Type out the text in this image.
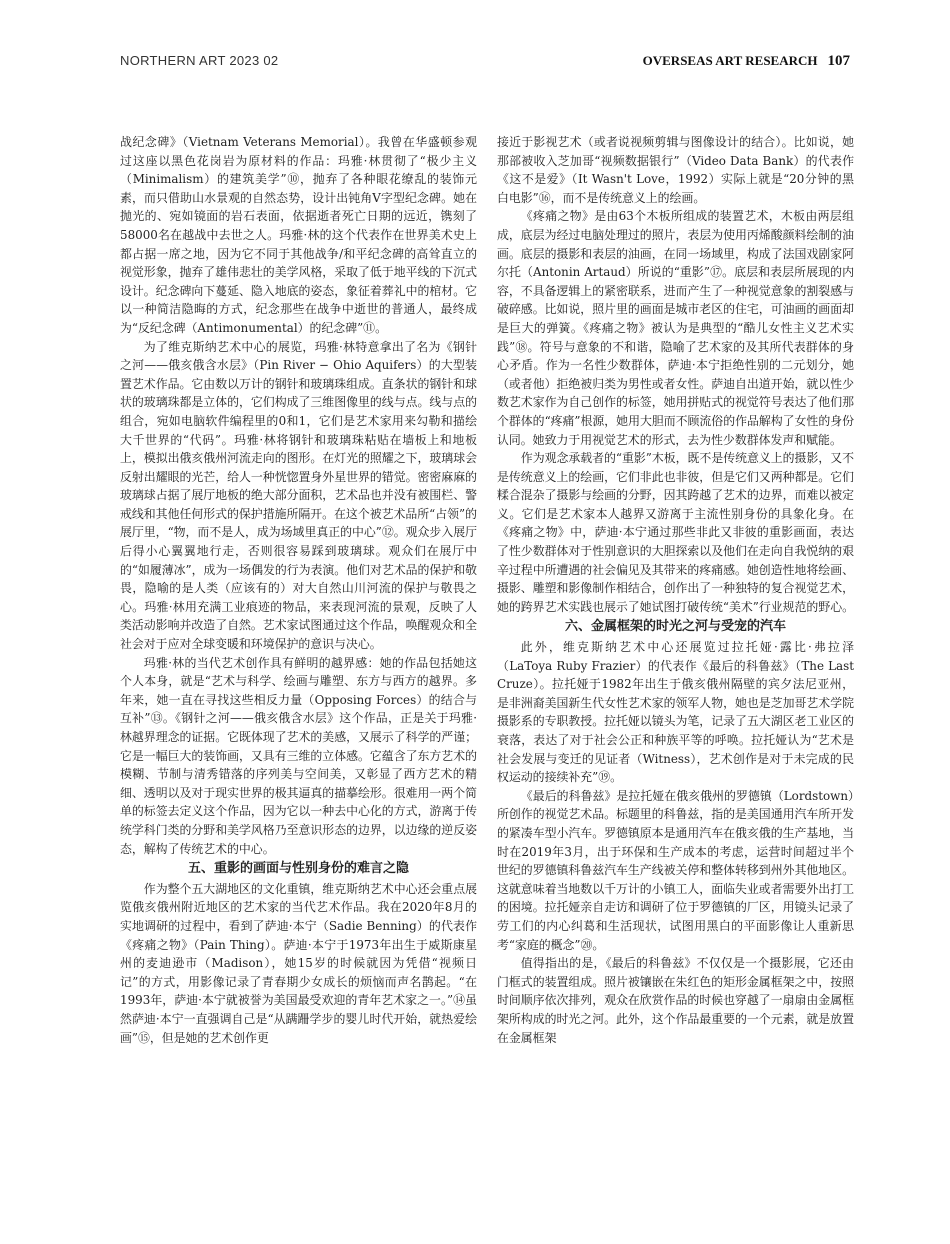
NORTHERN ART 2023 02	OVERSEAS ART RESEARCH 107

战纪念碑》（Vietnam Veterans Memorial）。我曾在华盛顿参观过这座以黑色花岗岩为原材料的作品：玛雅·林贯彻了“极少主义（Minimalism）的建筑美学”⑩，抛弃了各种眼花缭乱的装饰元素，而只借助山水景观的自然态势，设计出钝角V字型纪念碑。她在抛光的、宛如镜面的岩石表面，依据逝者死亡日期的远近，镌刻了58000名在越战中去世之人。玛雅·林的这个代表作在世界美术史上都占据一席之地，因为它不同于其他战争/和平纪念碑的高耸直立的视觉形象，抛弃了雄伟悲壮的美学风格，采取了低于地平线的下沉式设计。纪念碑向下蔓延、隐入地底的姿态，象征着葬礼中的棺材。它以一种简洁隐晦的方式，纪念那些在战争中逝世的普通人，最终成为“反纪念碑（Antimonumental）的纪念碑”⑪。

为了维克斯纳艺术中心的展览，玛雅·林特意拿出了名为《钢针之河——俄亥俄含水层》（Pin River − Ohio Aquifers）的大型装置艺术作品。它由数以万计的钢针和玻璃珠组成。直条状的钢针和球状的玻璃珠都是立体的，它们构成了三维图像里的线与点。线与点的组合，宛如电脑软件编程里的0和1，它们是艺术家用来勾勒和描绘大千世界的“代码”。玛雅·林将钢针和玻璃珠粘贴在墙板上和地板上，模拟出俄亥俄州河流走向的图形。在灯光的照耀之下，玻璃球会反射出耀眼的光芒，给人一种恍惚置身外星世界的错觉。密密麻麻的玻璃球占据了展厅地板的绝大部分面积，艺术品也并没有被围栏、警戒线和其他任何形式的保护措施所隔开。在这个被艺术品所“占领”的展厅里，“物，而不是人，成为场域里真正的中心”⑫。观众步入展厅后得小心翼翼地行走，否则很容易踩到玻璃球。观众们在展厅中的“如履薄冰”，成为一场偶发的行为表演。他们对艺术品的保护和敬畏，隐喻的是人类（应该有的）对大自然山川河流的保护与敬畏之心。玛雅·林用充满工业痕迹的物品，来表现河流的景观，反映了人类活动影响并改造了自然。艺术家试图通过这个作品，唤醒观众和全社会对于应对全球变暖和环境保护的意识与决心。

玛雅·林的当代艺术创作具有鲜明的越界感：她的作品包括她这个人本身，就是“艺术与科学、绘画与雕塑、东方与西方的越界。多年来，她一直在寻找这些相反力量（Opposing Forces）的结合与互补”⑬。《钢针之河——俄亥俄含水层》这个作品，正是关于玛雅·林越界理念的证据。它既体现了艺术的美感，又展示了科学的严谨；它是一幅巨大的装饰画，又具有三维的立体感。它蕴含了东方艺术的模糊、节制与清秀错落的序列美与空间美，又彰显了西方艺术的精细、透明以及对于现实世界的极其逼真的描摹绘形。很难用一两个简单的标签去定义这个作品，因为它以一种去中心化的方式，游离于传统学科门类的分野和美学风格乃至意识形态的边界，以边缘的逆反姿态，解构了传统艺术的中心。

五、重影的画面与性别身份的难言之隐

作为整个五大湖地区的文化重镇，维克斯纳艺术中心还会重点展览俄亥俄州附近地区的艺术家的当代艺术作品。我在2020年8月的实地调研的过程中，看到了萨迪·本宁（Sadie Benning）的代表作《疼痛之物》（Pain Thing）。萨迪·本宁于1973年出生于威斯康星州的麦迪逊市（Madison），她15岁的时候就因为凭借“视频日记”的方式，用影像记录了青春期少女成长的烦恼而声名鹊起。“在1993年，萨迪·本宁就被誉为美国最受欢迎的青年艺术家之一。”⑭虽然萨迪·本宁一直强调自己是“从蹒跚学步的婴儿时代开始，就热爱绘画”⑮，但是她的艺术创作更

接近于影视艺术（或者说视频剪辑与图像设计的结合）。比如说，她那部被收入芝加哥“视频数据银行”（Video Data Bank）的代表作《这不是爱》（It Wasn't Love，1992）实际上就是“20分钟的黑白电影”⑯，而不是传统意义上的绘画。

《疼痛之物》是由63个木板所组成的装置艺术，木板由两层组成，底层为经过电脑处理过的照片，表层为使用丙烯酸颜料绘制的油画。底层的摄影和表层的油画，在同一场域里，构成了法国戏剧家阿尔托（Antonin Artaud）所说的“重影”⑰。底层和表层所展现的内容，不具备逻辑上的紧密联系，进而产生了一种视觉意象的割裂感与破碎感。比如说，照片里的画面是城市老区的住宅，可油画的画面却是巨大的弹簧。《疼痛之物》被认为是典型的“酷儿女性主义艺术实践”⑱。符号与意象的不和谐，隐喻了艺术家的及其所代表群体的身心矛盾。作为一名性少数群体，萨迪·本宁拒绝性别的二元划分，她（或者他）拒绝被归类为男性或者女性。萨迪自出道开始，就以性少数艺术家作为自己创作的标签，她用拼贴式的视觉符号表达了他们那个群体的“疼痛”根源，她用大胆而不顾流俗的作品解构了女性的身份认同。她致力于用视觉艺术的形式，去为性少数群体发声和赋能。

作为观念承载者的“重影”木板，既不是传统意义上的摄影，又不是传统意义上的绘画，它们非此也非彼，但是它们又两种都是。它们糅合混杂了摄影与绘画的分野，因其跨越了艺术的边界，而难以被定义。它们是艺术家本人越界又游离于主流性别身份的具象化身。在《疼痛之物》中，萨迪·本宁通过那些非此又非彼的重影画面，表达了性少数群体对于性别意识的大胆探索以及他们在走向自我悦纳的艰辛过程中所遭遇的社会偏见及其带来的疼痛感。她创造性地将绘画、摄影、雕塑和影像制作相结合，创作出了一种独特的复合视觉艺术，她的跨界艺术实践也展示了她试图打破传统“美术”行业规范的野心。

六、金属框架的时光之河与受宠的汽车

此外，维克斯纳艺术中心还展览过拉托娅·露比·弗拉泽（LaToya Ruby Frazier）的代表作《最后的科鲁兹》（The Last Cruze）。拉托娅于1982年出生于俄亥俄州隔壁的宾夕法尼亚州，是非洲裔美国新生代女性艺术家的领军人物，她也是芝加哥艺术学院摄影系的专职教授。拉托娅以镜头为笔，记录了五大湖区老工业区的衰落，表达了对于社会公正和种族平等的呼唤。拉托娅认为“艺术是社会发展与变迁的见证者（Witness），艺术创作是对于未完成的民权运动的接续补充”⑲。

《最后的科鲁兹》是拉托娅在俄亥俄州的罗德镇（Lordstown）所创作的视觉艺术品。标题里的科鲁兹，指的是美国通用汽车所开发的紧凑车型小汽车。罗德镇原本是通用汽车在俄亥俄的生产基地，当时在2019年3月，出于环保和生产成本的考虑，运营时间超过半个世纪的罗德镇科鲁兹汽车生产线被关停和整体转移到州外其他地区。这就意味着当地数以千万计的小镇工人，面临失业或者需要外出打工的困境。拉托娅亲自走访和调研了位于罗德镇的厂区，用镜头记录了劳工们的内心纠葛和生活现状，试图用黑白的平面影像让人重新思考“家庭的概念”⑳。

值得指出的是，《最后的科鲁兹》不仅仅是一个摄影展，它还由门框式的装置组成。照片被镶嵌在朱红色的矩形金属框架之中，按照时间顺序依次排列，观众在欣赏作品的时候也穿越了一扇扇由金属框架所构成的时光之河。此外，这个作品最重要的一个元素，就是放置在金属框架
